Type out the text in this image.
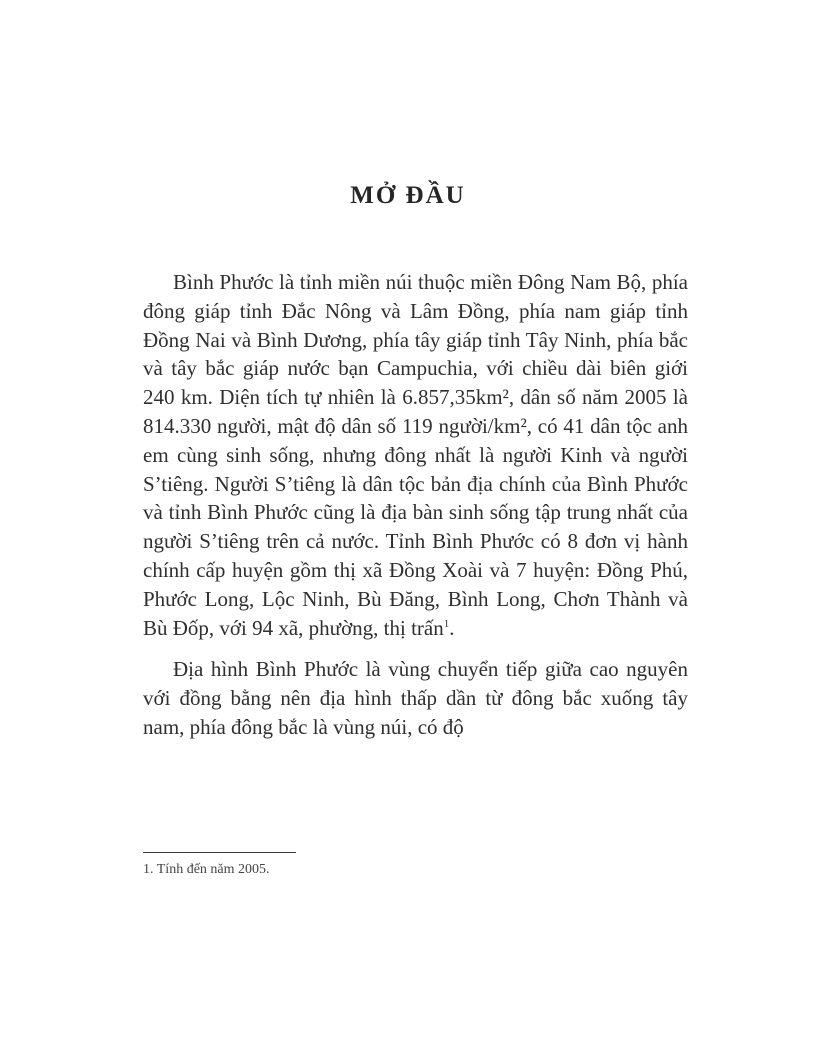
MỞ ĐẦU

Bình Phước là tỉnh miền núi thuộc miền Đông Nam Bộ, phía đông giáp tỉnh Đắc Nông và Lâm Đồng, phía nam giáp tỉnh Đồng Nai và Bình Dương, phía tây giáp tỉnh Tây Ninh, phía bắc và tây bắc giáp nước bạn Campuchia, với chiều dài biên giới 240 km. Diện tích tự nhiên là 6.857,35km², dân số năm 2005 là 814.330 người, mật độ dân số 119 người/km², có 41 dân tộc anh em cùng sinh sống, nhưng đông nhất là người Kinh và người S’tiêng. Người S’tiêng là dân tộc bản địa chính của Bình Phước và tỉnh Bình Phước cũng là địa bàn sinh sống tập trung nhất của người S’tiêng trên cả nước. Tỉnh Bình Phước có 8 đơn vị hành chính cấp huyện gồm thị xã Đồng Xoài và 7 huyện: Đồng Phú, Phước Long, Lộc Ninh, Bù Đăng, Bình Long, Chơn Thành và Bù Đốp, với 94 xã, phường, thị trấn$^1$.

Địa hình Bình Phước là vùng chuyển tiếp giữa cao nguyên với đồng bằng nên địa hình thấp dần từ đông bắc xuống tây nam, phía đông bắc là vùng núi, có độ

1. Tính đến năm 2005.
